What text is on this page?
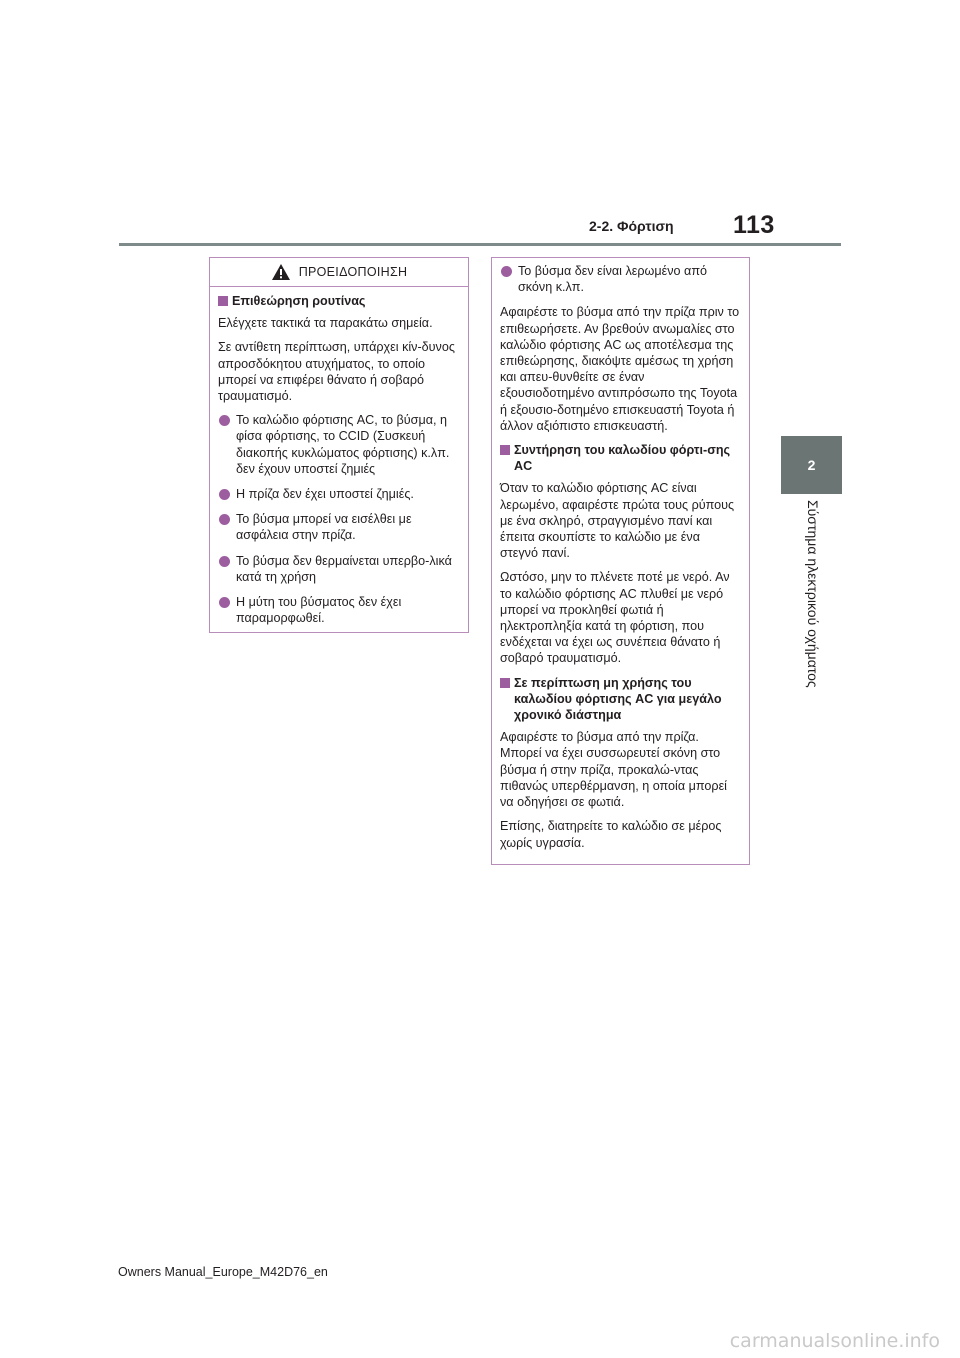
2-2. Φόρτιση 113
2
Σύστημα ηλεκτρικού οχήματος
ΠΡΟΕΙΔΟΠΟΙΗΣΗ
Επιθεώρηση ρουτίνας

Ελέγχετε τακτικά τα παρακάτω σημεία.

Σε αντίθετη περίπτωση, υπάρχει κίν-δυνος απροσδόκητου ατυχήματος, το οποίο μπορεί να επιφέρει θάνατο ή σοβαρό τραυματισμό.

Το καλώδιο φόρτισης AC, το βύσμα, η φίσα φόρτισης, το CCID (Συσκευή διακοπής κυκλώματος φόρτισης) κ.λπ. δεν έχουν υποστεί ζημιές
Η πρίζα δεν έχει υποστεί ζημιές.
Το βύσμα μπορεί να εισέλθει με ασφάλεια στην πρίζα.
Το βύσμα δεν θερμαίνεται υπερβο-λικά κατά τη χρήση
Η μύτη του βύσματος δεν έχει παραμορφωθεί.
Το βύσμα δεν είναι λερωμένο από σκόνη κ.λπ.

Αφαιρέστε το βύσμα από την πρίζα πριν το επιθεωρήσετε. Αν βρεθούν ανωμαλίες στο καλώδιο φόρτισης AC ως αποτέλεσμα της επιθεώρησης, διακόψτε αμέσως τη χρήση και απευ-θυνθείτε σε έναν εξουσιοδοτημένο αντιπρόσωπο της Toyota ή εξουσιο-δοτημένο επισκευαστή Toyota ή άλλον αξιόπιστο επισκευαστή.

Συντήρηση του καλωδίου φόρτι-σης AC

Όταν το καλώδιο φόρτισης AC είναι λερωμένο, αφαιρέστε πρώτα τους ρύπους με ένα σκληρό, στραγγισμένο πανί και έπειτα σκουπίστε το καλώδιο με ένα στεγνό πανί.

Ωστόσο, μην το πλένετε ποτέ με νερό. Αν το καλώδιο φόρτισης AC πλυθεί με νερό μπορεί να προκληθεί φωτιά ή ηλεκτροπληξία κατά τη φόρτιση, που ενδέχεται να έχει ως συνέπεια θάνατο ή σοβαρό τραυματισμό.

Σε περίπτωση μη χρήσης του καλωδίου φόρτισης AC για μεγάλο χρονικό διάστημα

Αφαιρέστε το βύσμα από την πρίζα. Μπορεί να έχει συσσωρευτεί σκόνη στο βύσμα ή στην πρίζα, προκαλώ-ντας πιθανώς υπερθέρμανση, η οποία μπορεί να οδηγήσει σε φωτιά.

Επίσης, διατηρείτε το καλώδιο σε μέρος χωρίς υγρασία.

Owners Manual_Europe_M42D76_en
carmanualsonline.info
